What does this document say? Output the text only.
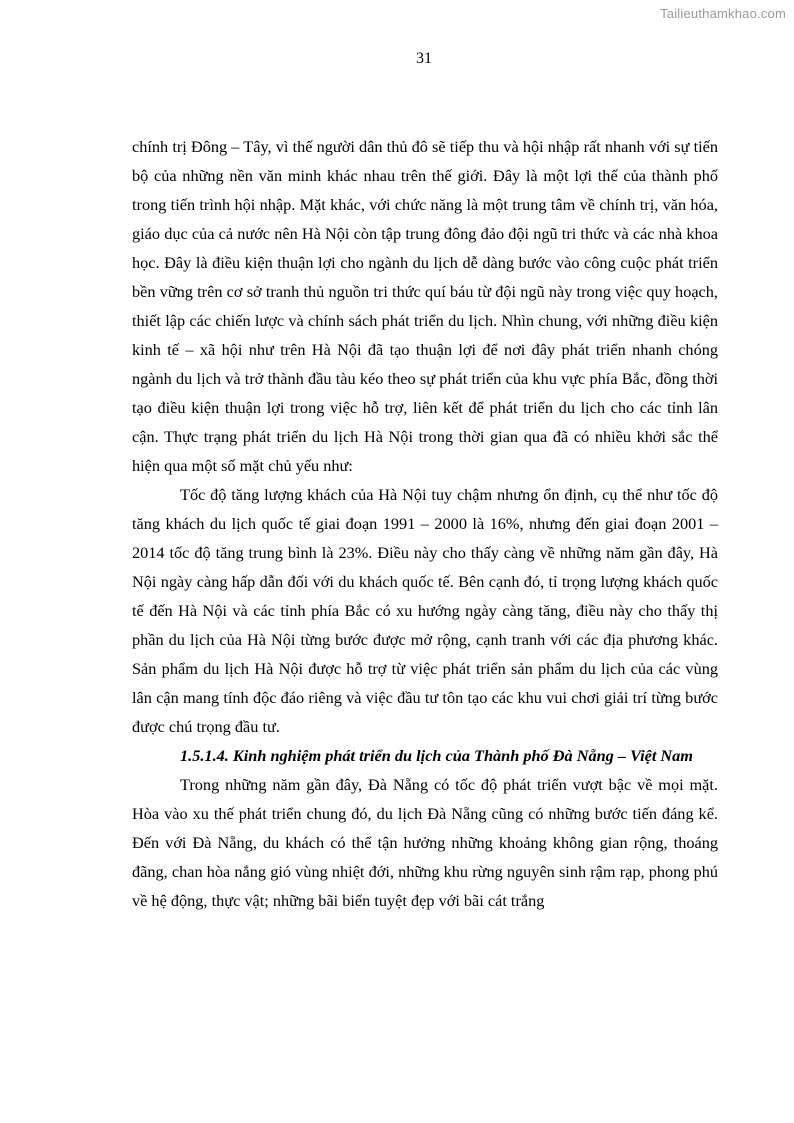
Tailieuthamkhao.com
31

chính trị Đông – Tây, vì thế người dân thủ đô sẽ tiếp thu và hội nhập rất nhanh với sự tiến bộ của những nền văn minh khác nhau trên thế giới. Đây là một lợi thế của thành phố trong tiến trình hội nhập. Mặt khác, với chức năng là một trung tâm về chính trị, văn hóa, giáo dục của cả nước nên Hà Nội còn tập trung đông đảo đội ngũ tri thức và các nhà khoa học. Đây là điều kiện thuận lợi cho ngành du lịch dễ dàng bước vào công cuộc phát triển bền vững trên cơ sở tranh thủ nguồn tri thức quí báu từ đội ngũ này trong việc quy hoạch, thiết lập các chiến lược và chính sách phát triển du lịch. Nhìn chung, với những điều kiện kinh tế – xã hội như trên Hà Nội đã tạo thuận lợi để nơi đây phát triển nhanh chóng ngành du lịch và trở thành đầu tàu kéo theo sự phát triển của khu vực phía Bắc, đồng thời tạo điều kiện thuận lợi trong việc hỗ trợ, liên kết để phát triển du lịch cho các tỉnh lân cận. Thực trạng phát triển du lịch Hà Nội trong thời gian qua đã có nhiều khởi sắc thể hiện qua một số mặt chủ yếu như:

Tốc độ tăng lượng khách của Hà Nội tuy chậm nhưng ổn định, cụ thể như tốc độ tăng khách du lịch quốc tế giai đoạn 1991 – 2000 là 16%, nhưng đến giai đoạn 2001 – 2014 tốc độ tăng trung bình là 23%. Điều này cho thấy càng về những năm gần đây, Hà Nội ngày càng hấp dẫn đối với du khách quốc tế. Bên cạnh đó, tỉ trọng lượng khách quốc tế đến Hà Nội và các tỉnh phía Bắc có xu hướng ngày càng tăng, điều này cho thấy thị phần du lịch của Hà Nội từng bước được mở rộng, cạnh tranh với các địa phương khác. Sản phẩm du lịch Hà Nội được hỗ trợ từ việc phát triển sản phẩm du lịch của các vùng lân cận mang tính độc đáo riêng và việc đầu tư tôn tạo các khu vui chơi giải trí từng bước được chú trọng đầu tư.

1.5.1.4. Kinh nghiệm phát triển du lịch của Thành phố Đà Nẵng – Việt Nam

Trong những năm gần đây, Đà Nẵng có tốc độ phát triển vượt bậc về mọi mặt. Hòa vào xu thế phát triển chung đó, du lịch Đà Nẵng cũng có những bước tiến đáng kể. Đến với Đà Nẵng, du khách có thể tận hưởng những khoảng không gian rộng, thoáng đãng, chan hòa nắng gió vùng nhiệt đới, những khu rừng nguyên sinh rậm rạp, phong phú về hệ động, thực vật; những bãi biển tuyệt đẹp với bãi cát trắng
